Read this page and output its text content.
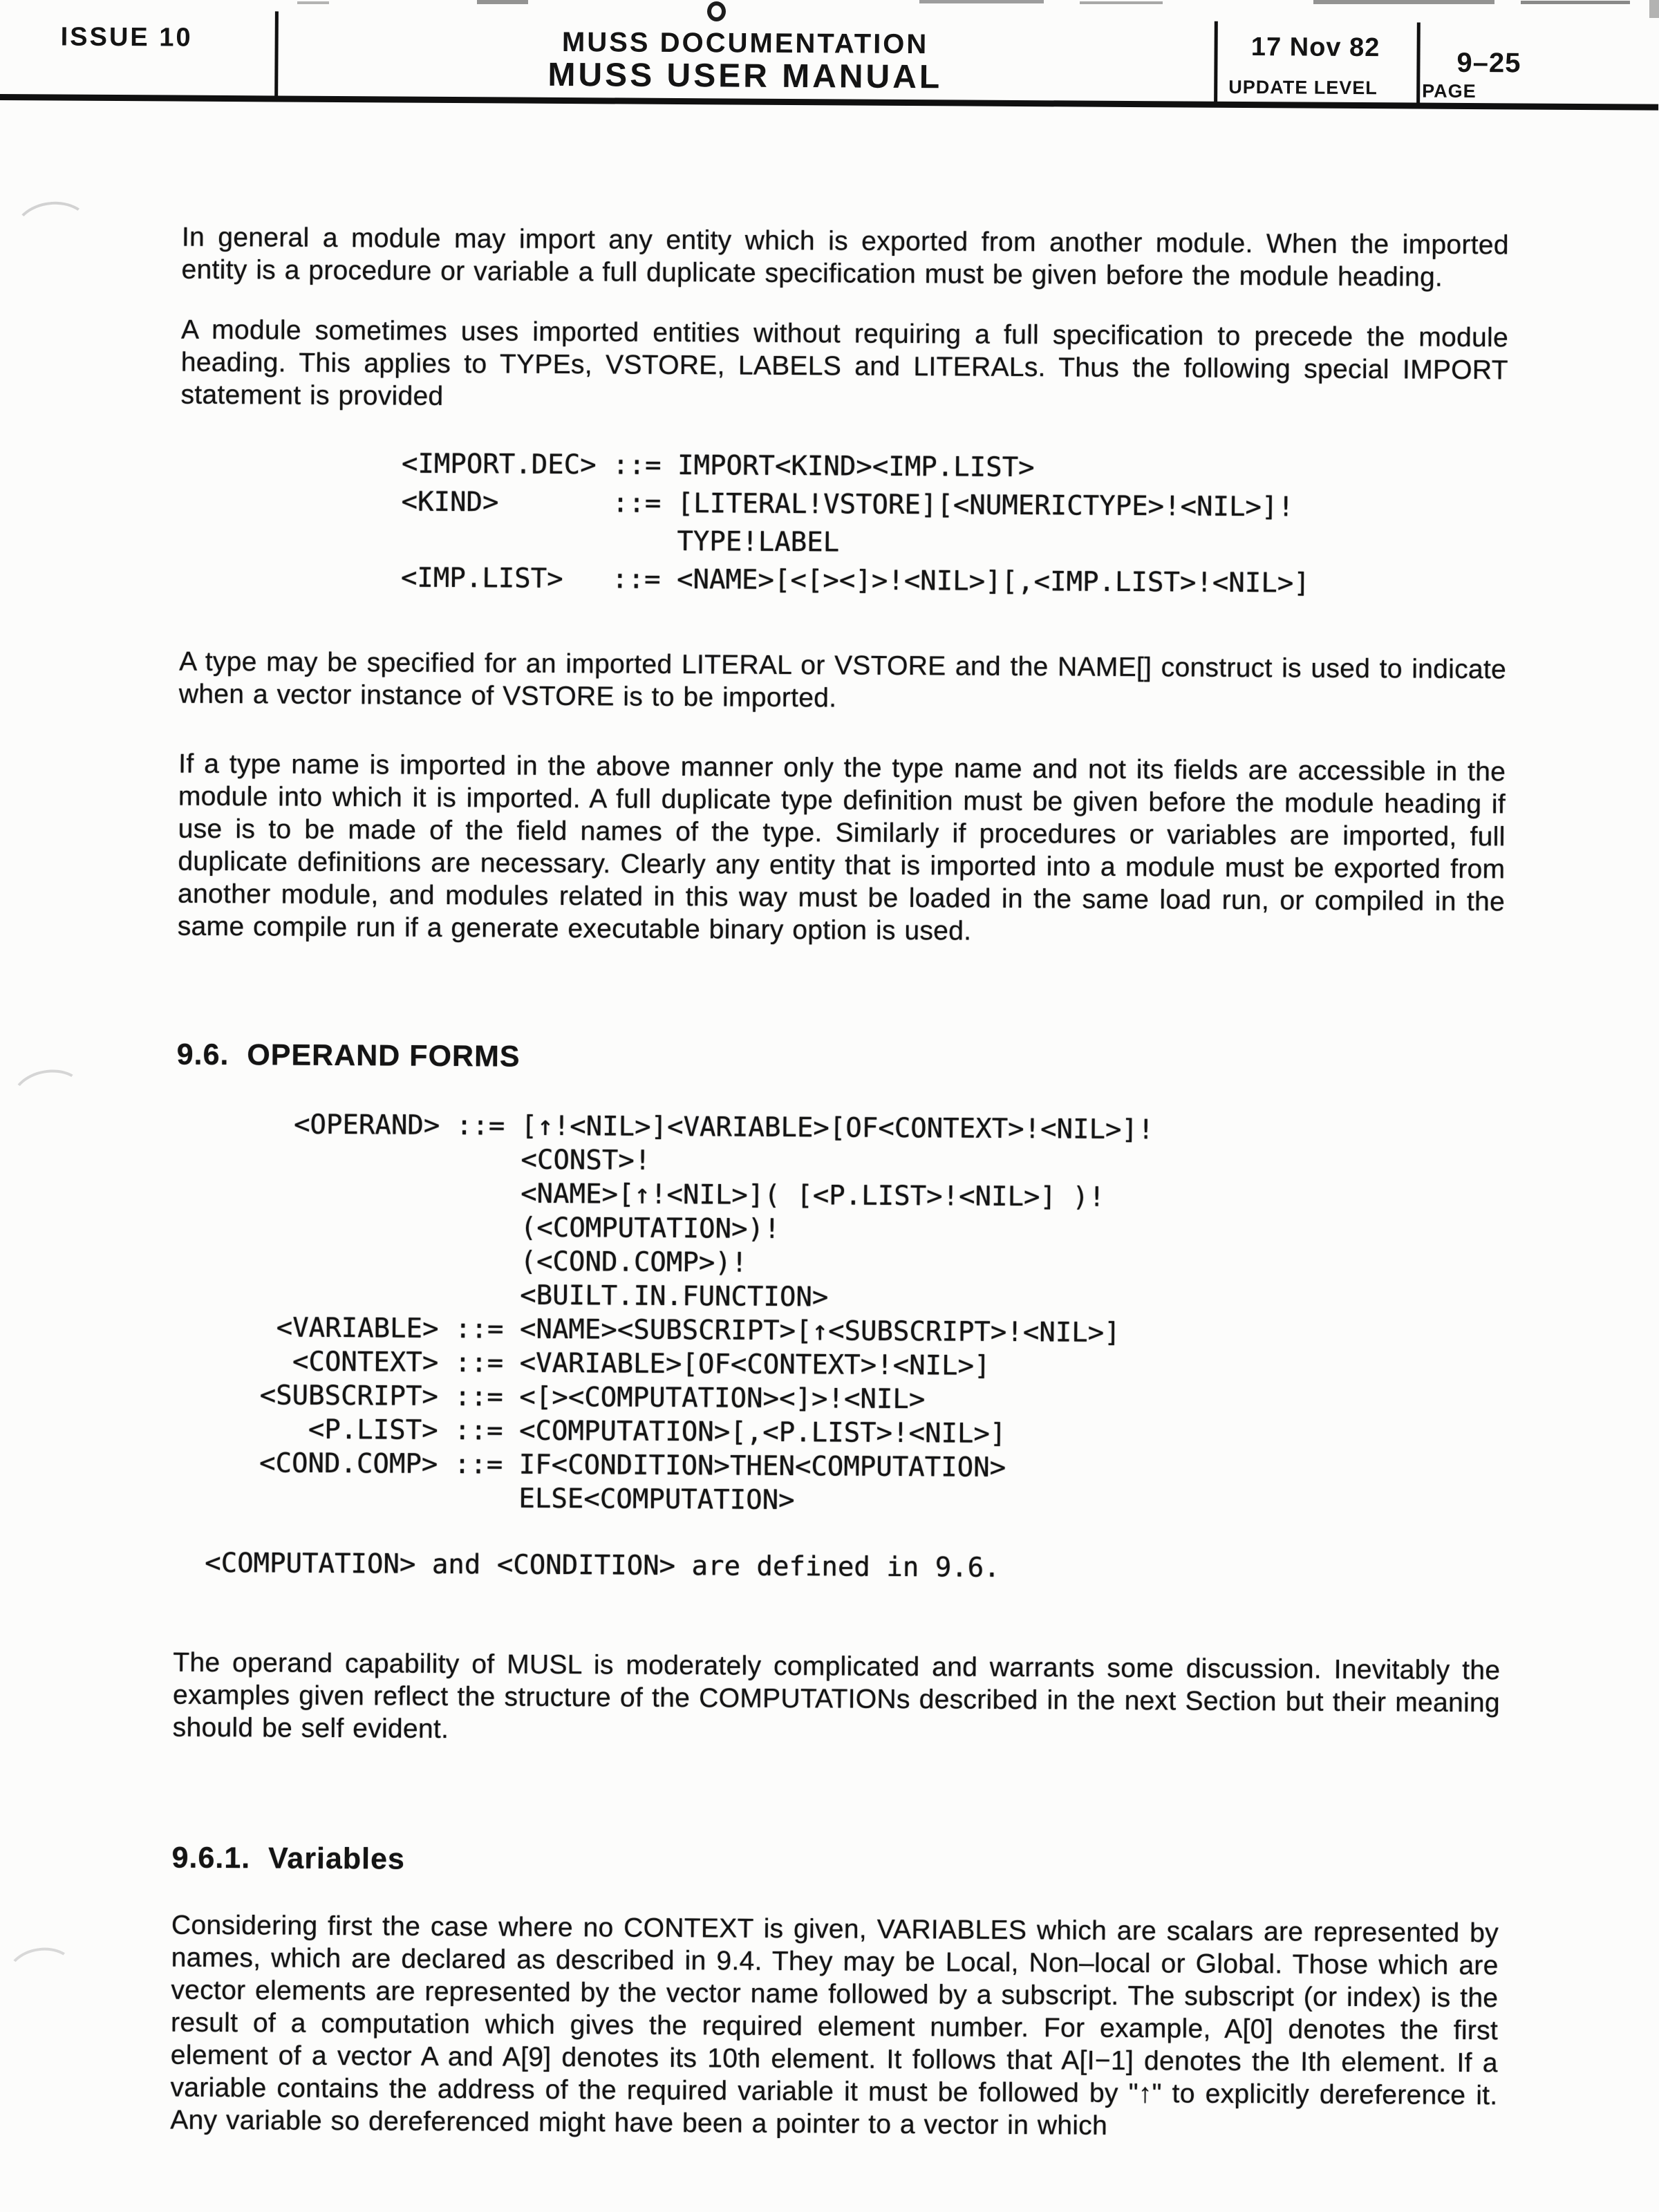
ISSUE 10	MUSS DOCUMENTATION
MUSS USER MANUAL
17 Nov 82
UPDATE LEVEL
9–25
PAGE

In general a module may import any entity which is exported from another module. When the imported entity is a procedure or variable a full duplicate specification must be given before the module heading.

A module sometimes uses imported entities without requiring a full specification to precede the module heading. This applies to TYPEs, VSTORE, LABELS and LITERALs. Thus the following special IMPORT statement is provided

<IMPORT.DEC> ::= IMPORT<KIND><IMP.LIST>
<KIND>       ::= [LITERAL!VSTORE][<NUMERICTYPE>!<NIL>]!
TYPE!LABEL
<IMP.LIST>   ::= <NAME>[<[><]>!<NIL>][,<IMP.LIST>!<NIL>]

A type may be specified for an imported LITERAL or VSTORE and the NAME[] construct is used to indicate when a vector instance of VSTORE is to be imported.

If a type name is imported in the above manner only the type name and not its fields are accessible in the module into which it is imported. A full duplicate type definition must be given before the module heading if use is to be made of the field names of the type. Similarly if procedures or variables are imported, full duplicate definitions are necessary. Clearly any entity that is imported into a module must be exported from another module, and modules related in this way must be loaded in the same load run, or compiled in the same compile run if a generate executable binary option is used.

9.6.  OPERAND FORMS
<OPERAND> ::= [↑!<NIL>]<VARIABLE>[OF<CONTEXT>!<NIL>]!
<CONST>!
<NAME>[↑!<NIL>]( [<P.LIST>!<NIL>] )!
(<COMPUTATION>)!
(<COND.COMP>)!
<BUILT.IN.FUNCTION>
<VARIABLE> ::= <NAME><SUBSCRIPT>[↑<SUBSCRIPT>!<NIL>]
<CONTEXT> ::= <VARIABLE>[OF<CONTEXT>!<NIL>]
<SUBSCRIPT> ::= <[><COMPUTATION><]>!<NIL>
<P.LIST> ::= <COMPUTATION>[,<P.LIST>!<NIL>]
<COND.COMP> ::= IF<CONDITION>THEN<COMPUTATION>
ELSE<COMPUTATION>
<COMPUTATION> and <CONDITION> are defined in 9.6.

The operand capability of MUSL is moderately complicated and warrants some discussion. Inevitably the examples given reflect the structure of the COMPUTATIONs described in the next Section but their meaning should be self evident.

9.6.1.  Variables

Considering first the case where no CONTEXT is given, VARIABLES which are scalars are represented by names, which are declared as described in 9.4. They may be Local, Non–local or Global. Those which are vector elements are represented by the vector name followed by a subscript. The subscript (or index) is the result of a computation which gives the required element number. For example, A[0] denotes the first element of a vector A and A[9] denotes its 10th element. It follows that A[I−1] denotes the Ith element. If a variable contains the address of the required variable it must be followed by "↑" to explicitly dereference it. Any variable so dereferenced might have been a pointer to a vector in which
